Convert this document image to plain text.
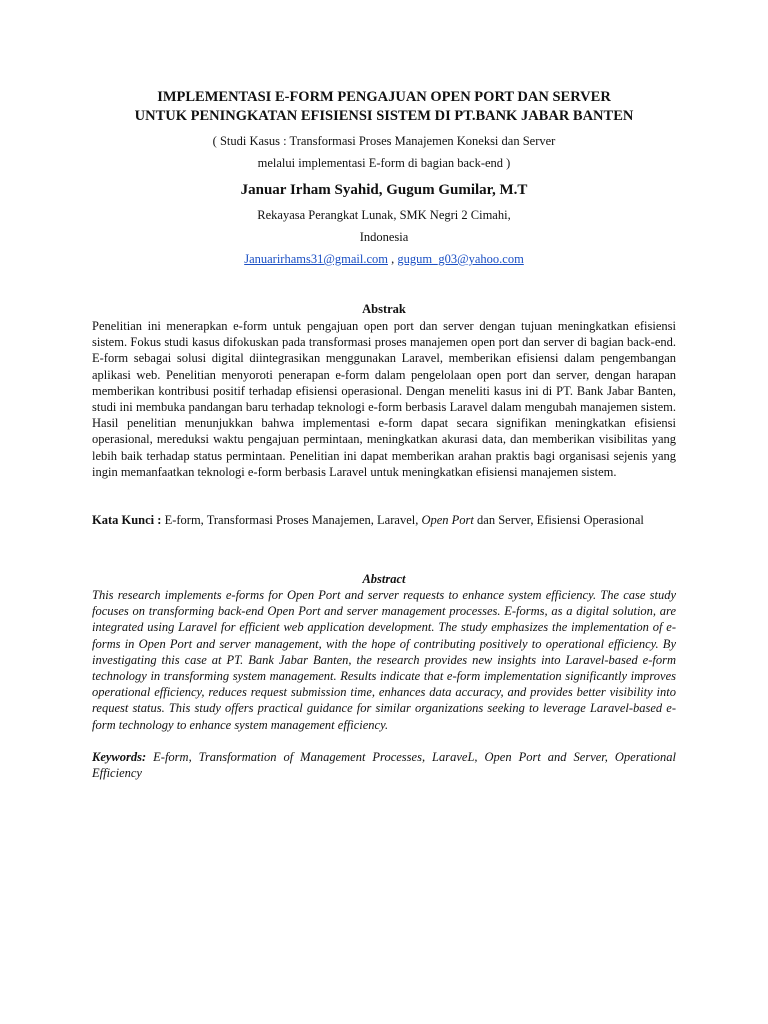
IMPLEMENTASI E-FORM PENGAJUAN OPEN PORT DAN SERVER

UNTUK PENINGKATAN EFISIENSI SISTEM DI PT.BANK JABAR BANTEN

( Studi Kasus : Transformasi Proses Manajemen Koneksi dan Server

melalui implementasi E-form di bagian back-end )

Januar Irham Syahid, Gugum Gumilar, M.T
Rekayasa Perangkat Lunak, SMK Negri 2 Cimahi,
Indonesia
Januarirhams31@gmail.com , gugum_g03@yahoo.com
Abstrak

Penelitian ini menerapkan e-form untuk pengajuan open port dan server dengan tujuan meningkatkan efisiensi sistem. Fokus studi kasus difokuskan pada transformasi proses manajemen open port dan server di bagian back-end. E-form sebagai solusi digital diintegrasikan menggunakan Laravel, memberikan efisiensi dalam pengembangan aplikasi web. Penelitian menyoroti penerapan e-form dalam pengelolaan open port dan server, dengan harapan memberikan kontribusi positif terhadap efisiensi operasional. Dengan meneliti kasus ini di PT. Bank Jabar Banten, studi ini membuka pandangan baru terhadap teknologi e-form berbasis Laravel dalam mengubah manajemen sistem. Hasil penelitian menunjukkan bahwa implementasi e-form dapat secara signifikan meningkatkan efisiensi operasional, mereduksi waktu pengajuan permintaan, meningkatkan akurasi data, dan memberikan visibilitas yang lebih baik terhadap status permintaan. Penelitian ini dapat memberikan arahan praktis bagi organisasi sejenis yang ingin memanfaatkan teknologi e-form berbasis Laravel untuk meningkatkan efisiensi manajemen sistem.

Kata Kunci : E-form, Transformasi Proses Manajemen, Laravel, Open Port dan Server, Efisiensi Operasional

Abstract

This research implements e-forms for Open Port and server requests to enhance system efficiency. The case study focuses on transforming back-end Open Port and server management processes. E-forms, as a digital solution, are integrated using Laravel for efficient web application development. The study emphasizes the implementation of e-forms in Open Port and server management, with the hope of contributing positively to operational efficiency. By investigating this case at PT. Bank Jabar Banten, the research provides new insights into Laravel-based e-form technology in transforming system management. Results indicate that e-form implementation significantly improves operational efficiency, reduces request submission time, enhances data accuracy, and provides better visibility into request status. This study offers practical guidance for similar organizations seeking to leverage Laravel-based e-form technology to enhance system management efficiency.

Keywords: E-form, Transformation of Management Processes, LaraveL, Open Port and Server, Operational Efficiency
